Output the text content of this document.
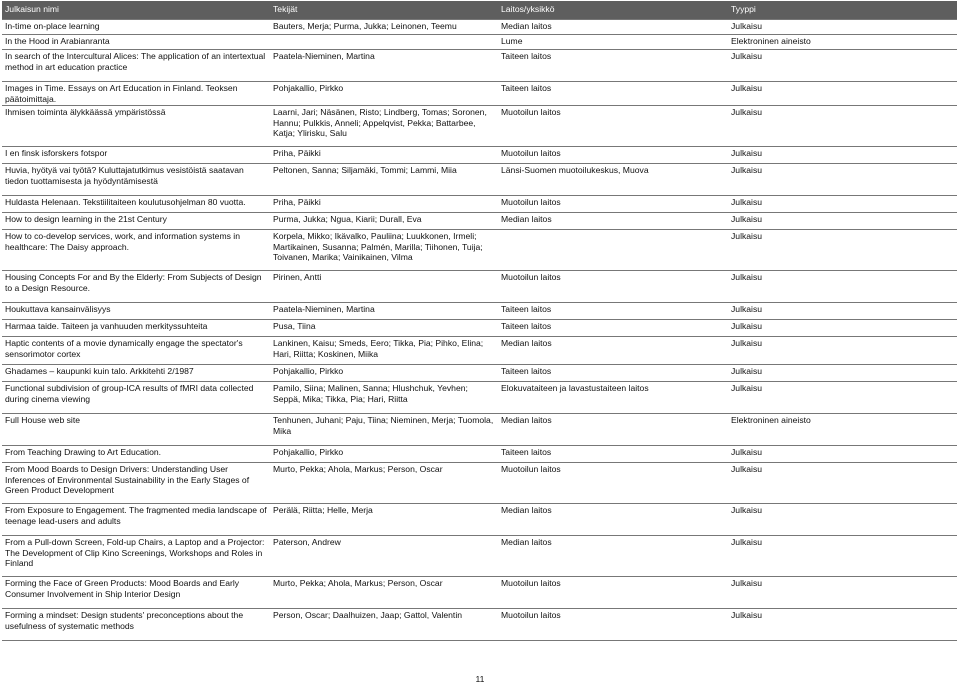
Julkaisun nimi	Tekijät	Laitos/yksikkö	Tyyppi
In-time on-place learning	Bauters, Merja; Purma, Jukka; Leinonen, Teemu	Median laitos	Julkaisu
In the Hood in Arabianranta		Lume	Elektroninen aineisto
In search of the Intercultural Alices: The application of an intertextual method in art education practice	Paatela-Nieminen, Martina	Taiteen laitos	Julkaisu
Images in Time. Essays on Art Education in Finland. Teoksen päätoimittaja.	Pohjakallio, Pirkko	Taiteen laitos	Julkaisu
Ihmisen toiminta älykkäässä ympäristössä	Laarni, Jari; Näsänen, Risto; Lindberg, Tomas; Soronen, Hannu; Pulkkis, Anneli; Appelqvist, Pekka; Battarbee, Katja; Ylirisku, Salu	Muotoilun laitos	Julkaisu
I en finsk isforskers fotspor	Priha, Päikki	Muotoilun laitos	Julkaisu
Huvia, hyötyä vai työtä? Kuluttajatutkimus vesistöistä saatavan tiedon tuottamisesta ja hyödyntämisestä	Peltonen, Sanna; Siljamäki, Tommi; Lammi, Miia	Länsi-Suomen muotoilukeskus, Muova	Julkaisu
Huldasta Helenaan. Tekstiilitaiteen koulutusohjelman 80 vuotta.	Priha, Päikki	Muotoilun laitos	Julkaisu
How to design learning in the 21st Century	Purma, Jukka; Ngua, Kiarii; Durall, Eva	Median laitos	Julkaisu
How to co-develop services, work, and information systems in healthcare: The Daisy approach.	Korpela, Mikko; Ikävalko, Pauliina; Luukkonen, Irmeli; Martikainen, Susanna; Palmén, Marilla; Tiihonen, Tuija; Toivanen, Marika; Vainikainen, Vilma		Julkaisu
Housing Concepts For and By the Elderly: From Subjects of Design to a Design Resource.	Pirinen, Antti	Muotoilun laitos	Julkaisu
Houkuttava kansainvälisyys	Paatela-Nieminen, Martina	Taiteen laitos	Julkaisu
Harmaa taide. Taiteen ja vanhuuden merkityssuhteita	Pusa, Tiina	Taiteen laitos	Julkaisu
Haptic contents of a movie dynamically engage the spectator's sensorimotor cortex	Lankinen, Kaisu; Smeds, Eero; Tikka, Pia; Pihko, Elina; Hari, Riitta; Koskinen, Miika	Median laitos	Julkaisu
Ghadames – kaupunki kuin talo. Arkkitehti 2/1987	Pohjakallio, Pirkko	Taiteen laitos	Julkaisu
Functional subdivision of group-ICA results of fMRI data collected during cinema viewing	Pamilo, Siina; Malinen, Sanna; Hlushchuk, Yevhen; Seppä, Mika; Tikka, Pia; Hari, Riitta	Elokuvataiteen ja lavastustaiteen laitos	Julkaisu
Full House web site	Tenhunen, Juhani; Paju, Tiina; Nieminen, Merja; Tuomola, Mika	Median laitos	Elektroninen aineisto
From Teaching Drawing to Art Education.	Pohjakallio, Pirkko	Taiteen laitos	Julkaisu
From Mood Boards to Design Drivers: Understanding User Inferences of Environmental Sustainability in the Early Stages of Green Product Development	Murto, Pekka; Ahola, Markus; Person, Oscar	Muotoilun laitos	Julkaisu
From Exposure to Engagement. The fragmented media landscape of teenage lead-users and adults	Perälä, Riitta; Helle, Merja	Median laitos	Julkaisu
From a Pull-down Screen, Fold-up Chairs, a Laptop and a Projector: The Development of Clip Kino Screenings, Workshops and Roles in Finland	Paterson, Andrew	Median laitos	Julkaisu
Forming the Face of Green Products: Mood Boards and Early Consumer Involvement in Ship Interior Design	Murto, Pekka; Ahola, Markus; Person, Oscar	Muotoilun laitos	Julkaisu
Forming a mindset: Design students' preconceptions about the usefulness of systematic methods	Person, Oscar; Daalhuizen, Jaap; Gattol, Valentin	Muotoilun laitos	Julkaisu
11
